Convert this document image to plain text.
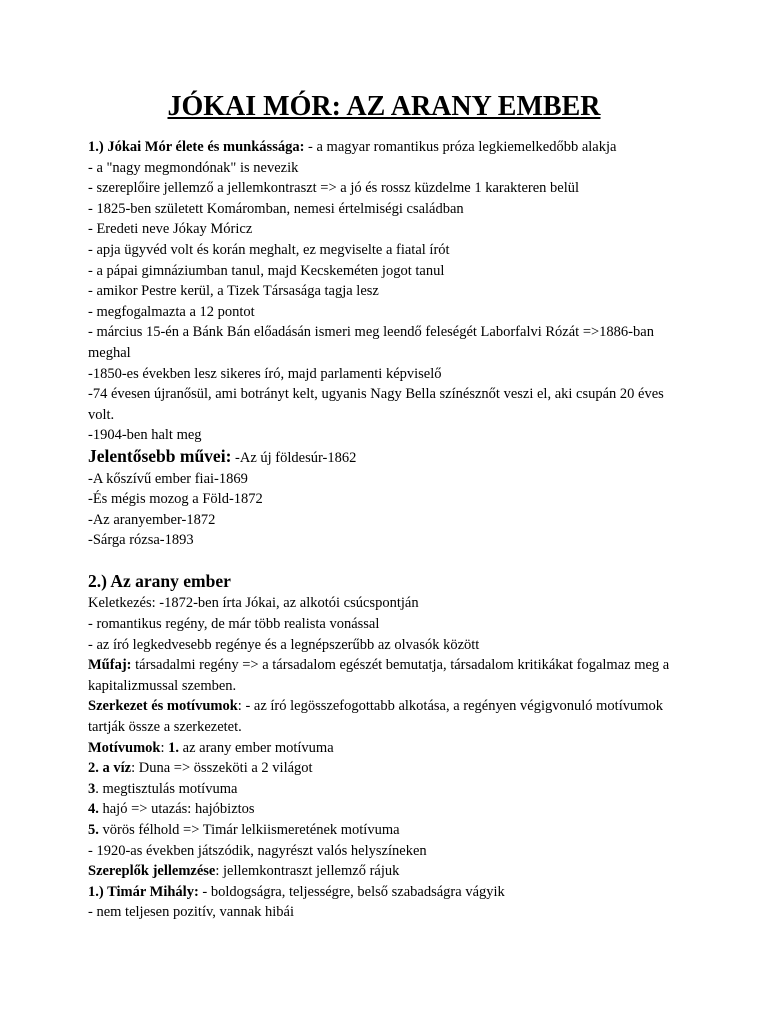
JÓKAI MÓR: AZ ARANY EMBER
1.) Jókai Mór élete és munkássága: - a magyar romantikus próza legkiemelkedőbb alakja
- a "nagy megmondónak" is nevezik
- szereplőire jellemző a jellemkontraszt => a jó és rossz küzdelme 1 karakteren belül
- 1825-ben született Komáromban, nemesi értelmiségi családban
- Eredeti neve Jókay Móricz
- apja ügyvéd volt és korán meghalt, ez megviselte a fiatal írót
- a pápai gimnáziumban tanul, majd Kecskeméten jogot tanul
- amikor Pestre kerül, a Tizek Társasága tagja lesz
- megfogalmazta a 12 pontot
- március 15-én a Bánk Bán előadásán ismeri meg leendő feleségét Laborfalvi Rózát =>1886-ban meghal
-1850-es években lesz sikeres író, majd parlamenti képviselő
-74 évesen újranősül, ami botrányt kelt, ugyanis Nagy Bella színésznőt veszi el, aki csupán 20 éves volt.
-1904-ben halt meg
Jelentősebb művei: -Az új földesúr-1862
-A kőszívű ember fiai-1869
-És mégis mozog a Föld-1872
-Az aranyember-1872
-Sárga rózsa-1893
2.) Az arany ember
Keletkezés: -1872-ben írta Jókai, az alkotói csúcspontján
- romantikus regény, de már több realista vonással
- az író legkedvesebb regénye és a legnépszerűbb az olvasók között
Műfaj: társadalmi regény => a társadalom egészét bemutatja, társadalom kritikákat fogalmaz meg a kapitalizmussal szemben.
Szerkezet és motívumok: - az író legösszefogottabb alkotása, a regényen végigvonuló motívumok tartják össze a szerkezetet.
Motívumok: 1. az arany ember motívuma
2. a víz: Duna => összeköti a 2 világot
3. megtisztulás motívuma
4. hajó => utazás: hajóbiztos
5. vörös félhold => Timár lelkiismeretének motívuma
- 1920-as években játszódik, nagyrészt valós helyszíneken
Szereplők jellemzése: jellemkontraszt jellemző rájuk
1.) Timár Mihály: - boldogságra, teljességre, belső szabadságra vágyik
- nem teljesen pozitív, vannak hibái
